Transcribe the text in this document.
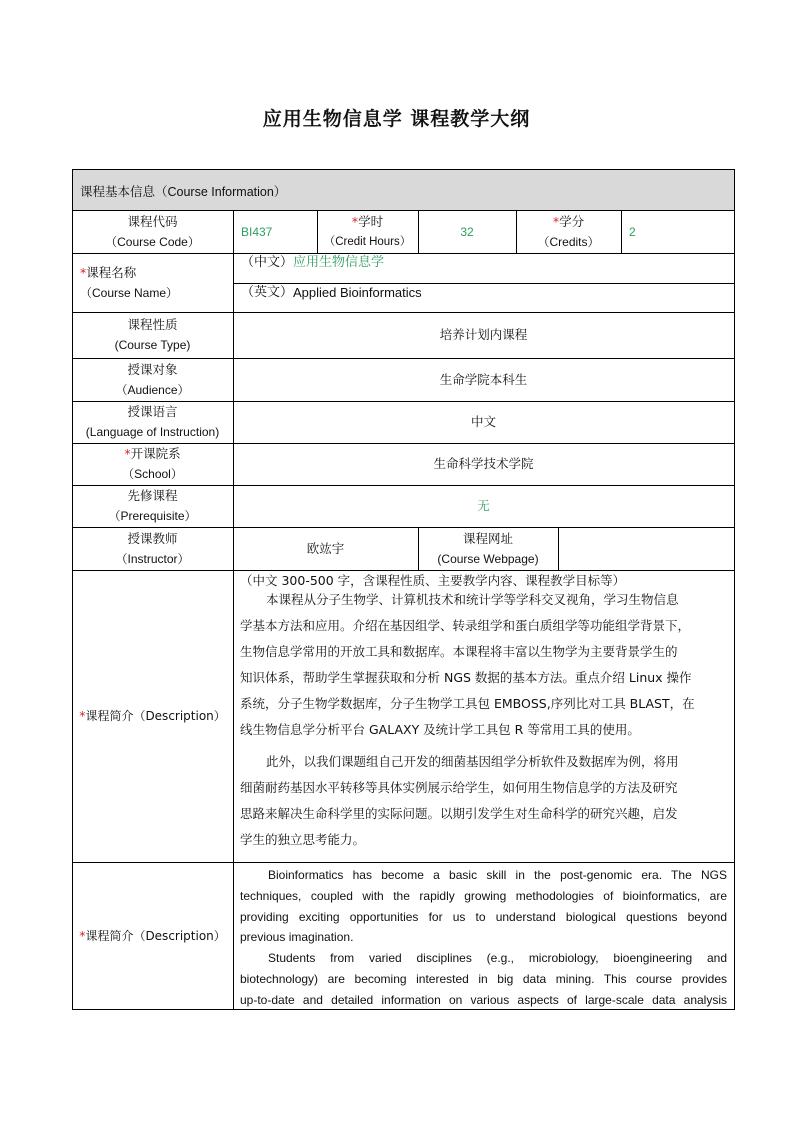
应用生物信息学 课程教学大纲
课程基本信息（Course Information）
课程代码
（Course Code）
BI437
*学时
（Credit Hours）
32
*学分
（Credits）
2
*课程名称
（Course Name）
（中文） 应用生物信息学
（英文） Applied Bioinformatics
课程性质
(Course Type)
培养计划内课程
授课对象
（Audience）
生命学院本科生
授课语言
(Language of Instruction)
中文
*开课院系
（School）
生命科学技术学院
先修课程
（Prerequisite）
无
授课教师
（Instructor）
欧竑宇
课程网址
(Course Webpage)
* 课程简介（Description）
（中文 300-500 字，含课程性质、主要教学内容、课程教学目标等）
本课程从分子生物学、计算机技术和统计学等学科交叉视角，学习生物信息
学基本方法和应用。介绍在基因组学、转录组学和蛋白质组学等功能组学背景下，
生物信息学常用的开放工具和数据库。本课程将丰富以生物学为主要背景学生的
知识体系，帮助学生掌握获取和分析 NGS 数据的基本方法。重点介绍 Linux 操作
系统，分子生物学数据库，分子生物学工具包 EMBOSS,序列比对工具 BLAST，在
线生物信息学分析平台 GALAXY 及统计学工具包 R 等常用工具的使用。
此外，以我们课题组自己开发的细菌基因组学分析软件及数据库为例，将用
细菌耐药基因水平转移等具体实例展示给学生，如何用生物信息学的方法及研究
思路来解决生命科学里的实际问题。以期引发学生对生命科学的研究兴趣，启发
学生的独立思考能力。
* 课程简介（Description）
Bioinformatics has become a basic skill in the post-genomic era. The NGS
techniques, coupled with the rapidly growing methodologies of bioinformatics, are
providing exciting opportunities for us to understand biological questions beyond
previous imagination.
Students from varied disciplines (e.g., microbiology, bioengineering and
biotechnology) are becoming interested in big data mining. This course provides
up-to-date and detailed information on various aspects of large-scale data analysis
